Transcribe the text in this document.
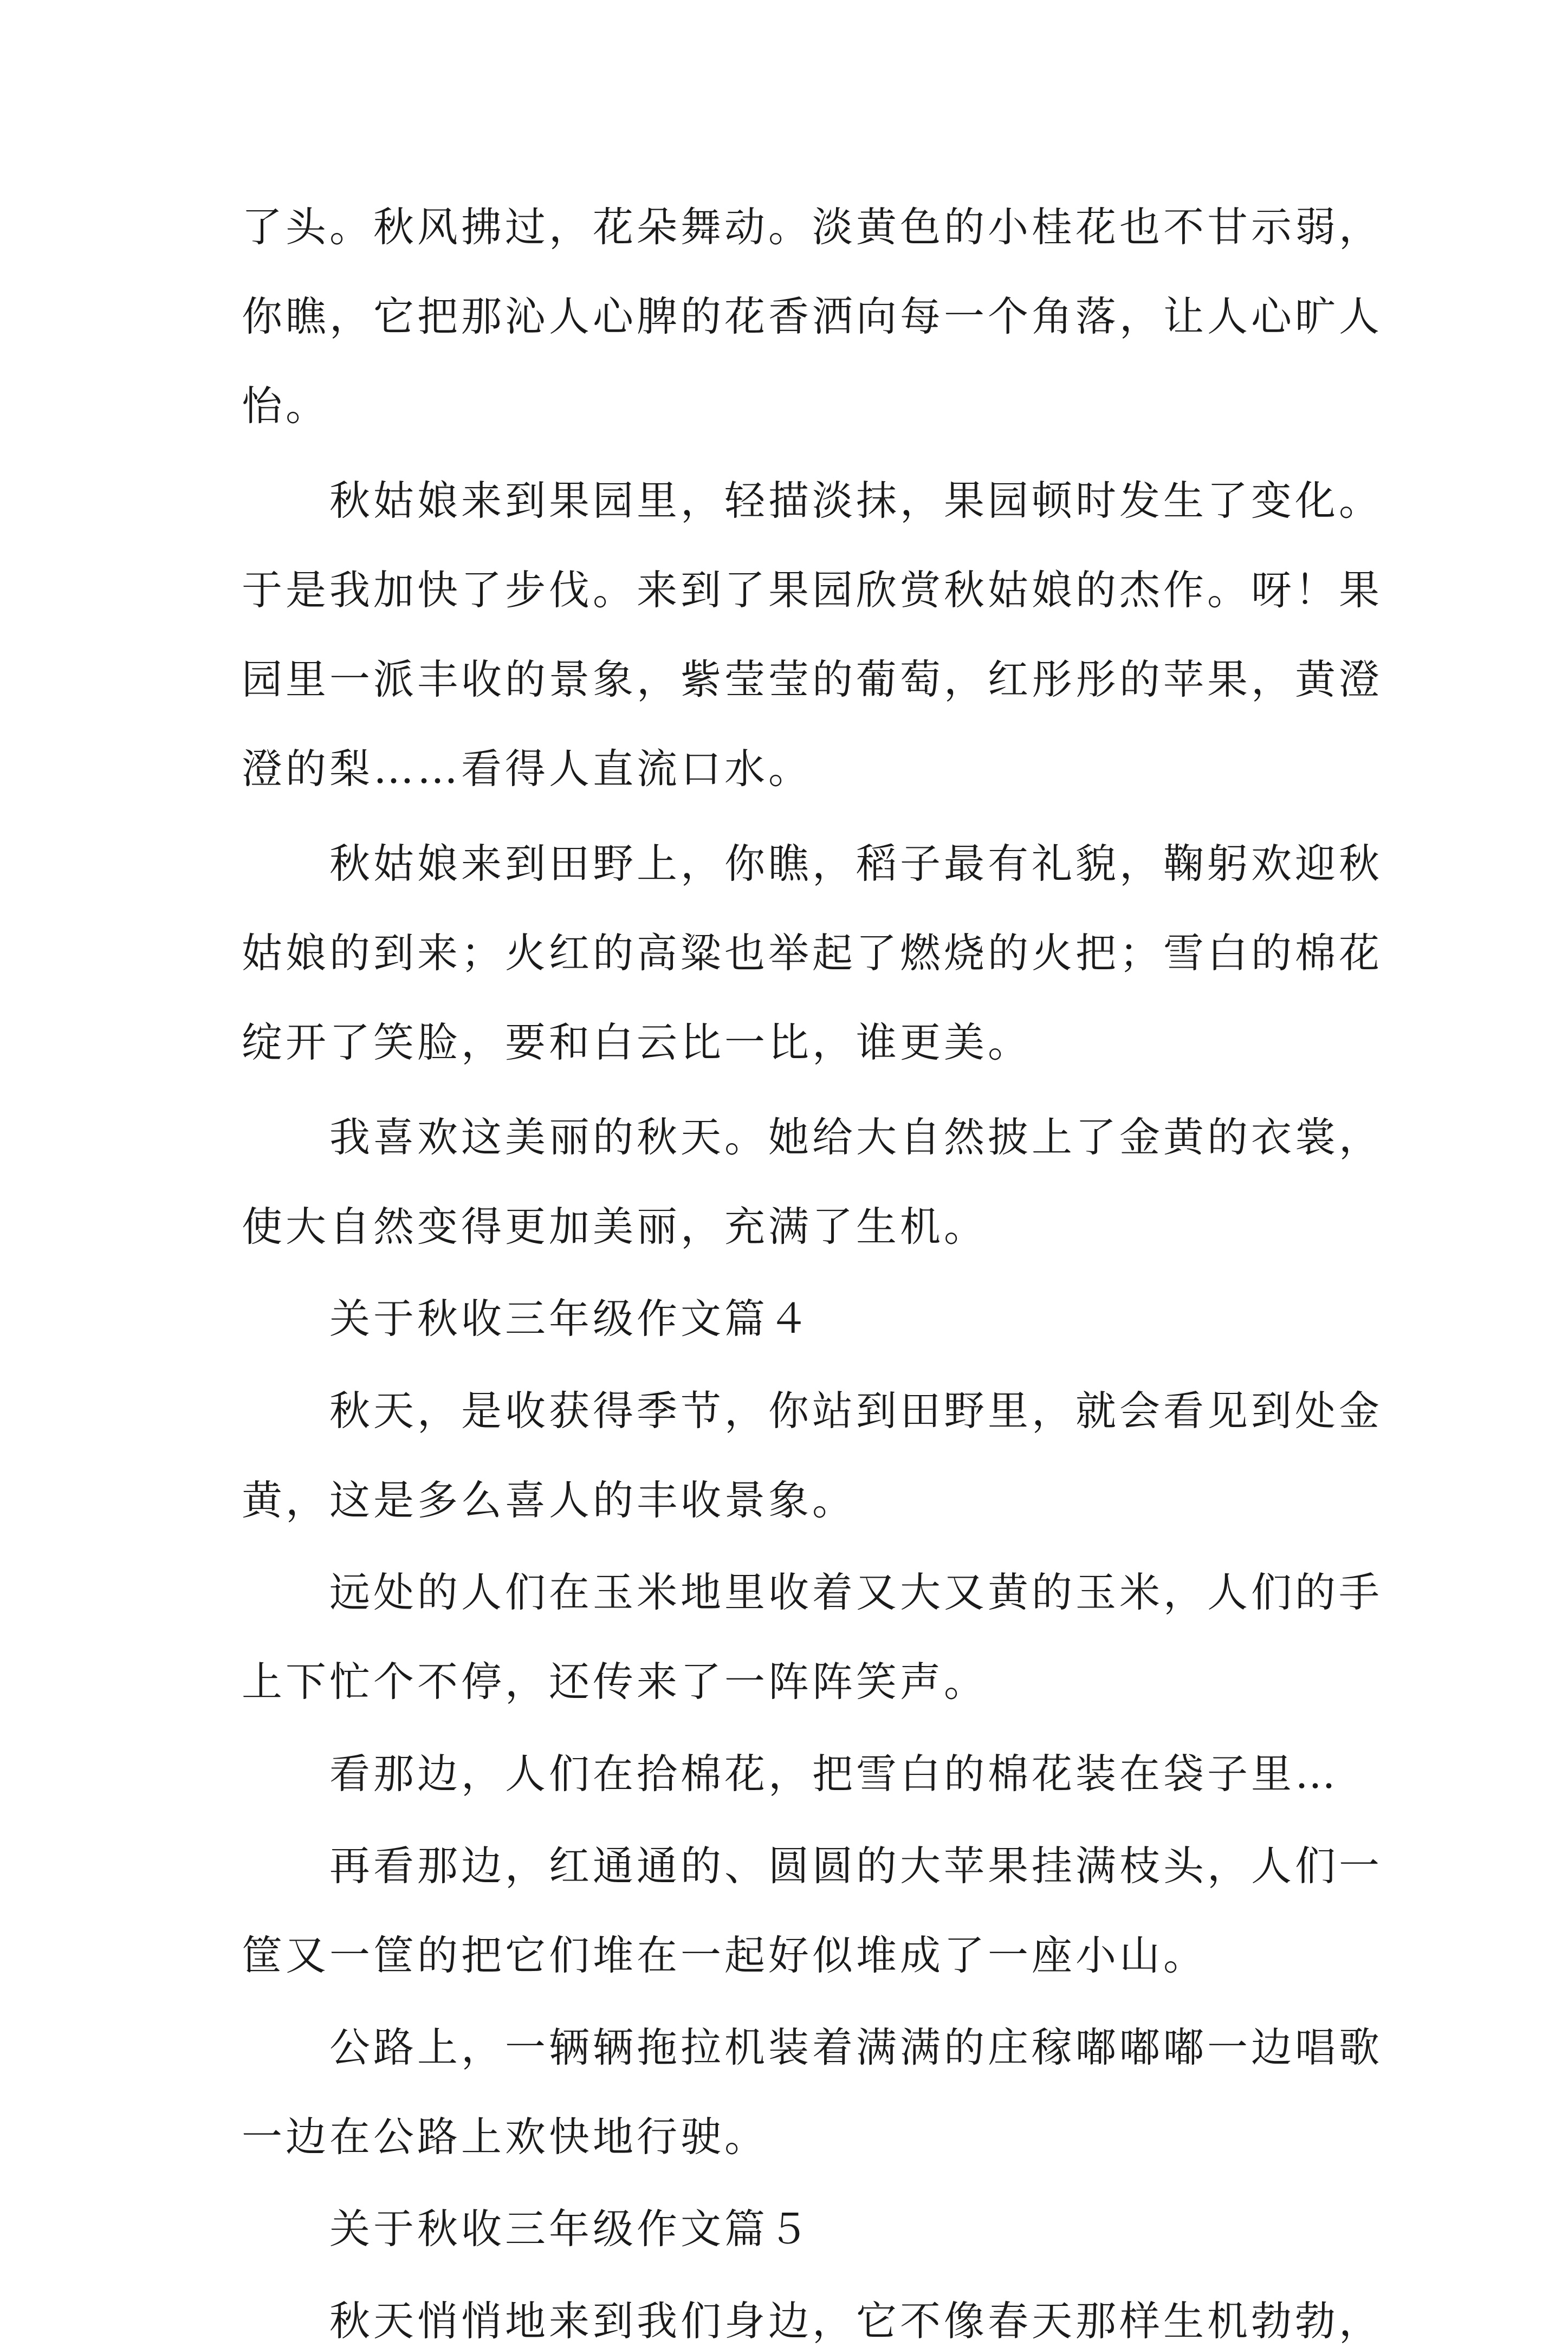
了头。秋风拂过，花朵舞动。淡黄色的小桂花也不甘示弱，
你瞧，它把那沁人心脾的花香洒向每一个角落，让人心旷人
怡。
秋姑娘来到果园里，轻描淡抹，果园顿时发生了变化。
于是我加快了步伐。来到了果园欣赏秋姑娘的杰作。呀！果
园里一派丰收的景象，紫莹莹的葡萄，红彤彤的苹果，黄澄
澄的梨……看得人直流口水。
秋姑娘来到田野上，你瞧，稻子最有礼貌，鞠躬欢迎秋
姑娘的到来；火红的高粱也举起了燃烧的火把；雪白的棉花
绽开了笑脸，要和白云比一比，谁更美。
我喜欢这美丽的秋天。她给大自然披上了金黄的衣裳，
使大自然变得更加美丽，充满了生机。
关于秋收三年级作文篇４
秋天，是收获得季节，你站到田野里，就会看见到处金
黄，这是多么喜人的丰收景象。
远处的人们在玉米地里收着又大又黄的玉米，人们的手
上下忙个不停，还传来了一阵阵笑声。
看那边，人们在拾棉花，把雪白的棉花装在袋子里…
再看那边，红通通的、圆圆的大苹果挂满枝头，人们一
筐又一筐的把它们堆在一起好似堆成了一座小山。
公路上，一辆辆拖拉机装着满满的庄稼嘟嘟嘟一边唱歌
一边在公路上欢快地行驶。
关于秋收三年级作文篇５
秋天悄悄地来到我们身边，它不像春天那样生机勃勃，
